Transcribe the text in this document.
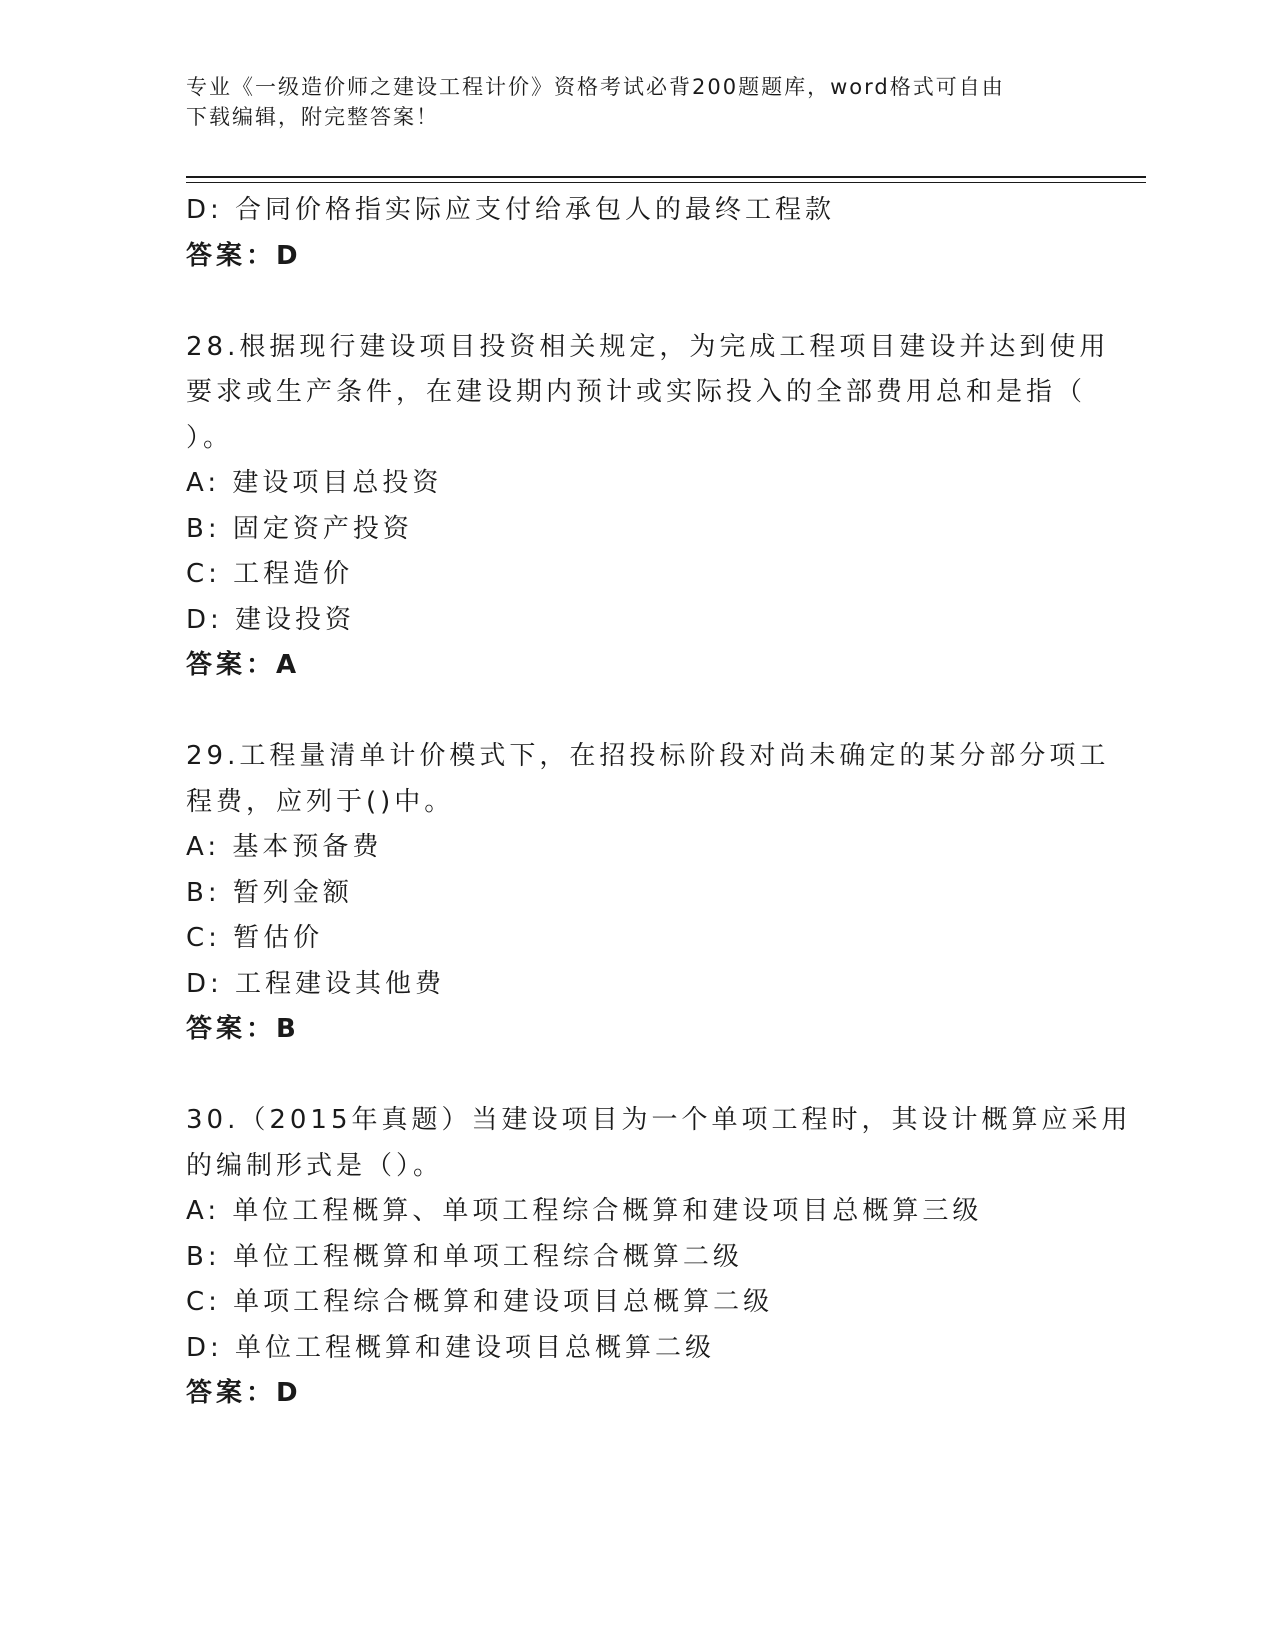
专业《一级造价师之建设工程计价》资格考试必背200题题库，word格式可自由
下载编辑，附完整答案！
D: 合同价格指实际应支付给承包人的最终工程款
答案：D
28.根据现行建设项目投资相关规定，为完成工程项目建设并达到使用
要求或生产条件，在建设期内预计或实际投入的全部费用总和是指（
）。
A: 建设项目总投资
B: 固定资产投资
C: 工程造价
D: 建设投资
答案：A
29.工程量清单计价模式下，在招投标阶段对尚未确定的某分部分项工
程费，应列于()中。
A: 基本预备费
B: 暂列金额
C: 暂估价
D: 工程建设其他费
答案：B
30.（2015年真题）当建设项目为一个单项工程时，其设计概算应采用
的编制形式是（）。
A: 单位工程概算、单项工程综合概算和建设项目总概算三级
B: 单位工程概算和单项工程综合概算二级
C: 单项工程综合概算和建设项目总概算二级
D: 单位工程概算和建设项目总概算二级
答案：D
